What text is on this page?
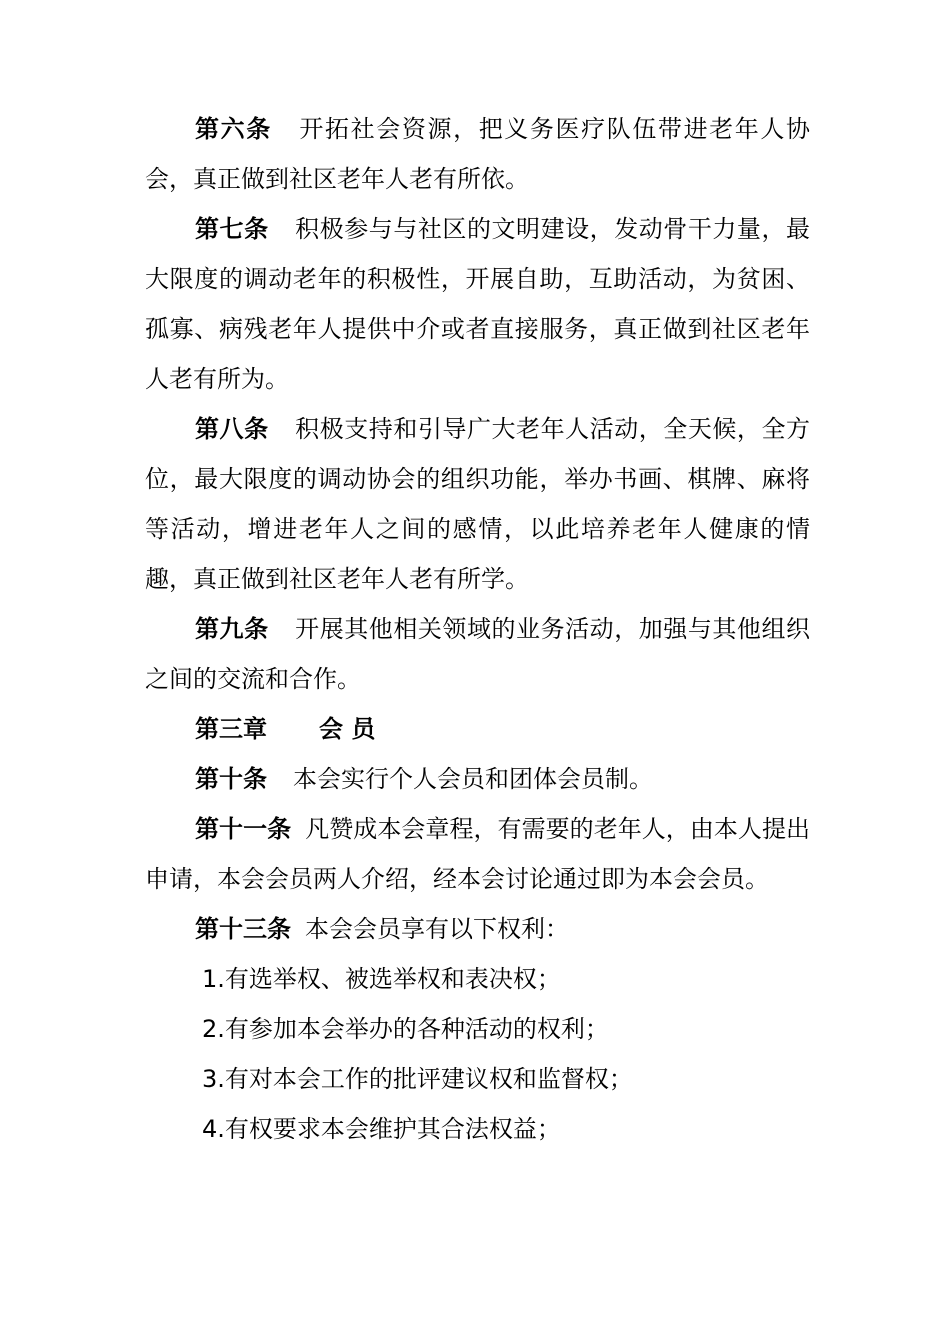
第六条 开拓社会资源，把义务医疗队伍带进老年人协会，真正做到社区老年人老有所依。

第七条 积极参与与社区的文明建设，发动骨干力量，最大限度的调动老年的积极性，开展自助，互助活动，为贫困、孤寡、病残老年人提供中介或者直接服务，真正做到社区老年人老有所为。

第八条 积极支持和引导广大老年人活动，全天候，全方位，最大限度的调动协会的组织功能，举办书画、棋牌、麻将等活动，增进老年人之间的感情，以此培养老年人健康的情趣，真正做到社区老年人老有所学。

第九条 开展其他相关领域的业务活动，加强与其他组织之间的交流和合作。

第三章 会 员

第十条 本会实行个人会员和团体会员制。

第十一条 凡赞成本会章程，有需要的老年人，由本人提出申请，本会会员两人介绍，经本会讨论通过即为本会会员。

第十三条 本会会员享有以下权利：

1.有选举权、被选举权和表决权；

2.有参加本会举办的各种活动的权利；

3.有对本会工作的批评建议权和监督权；

4.有权要求本会维护其合法权益；
